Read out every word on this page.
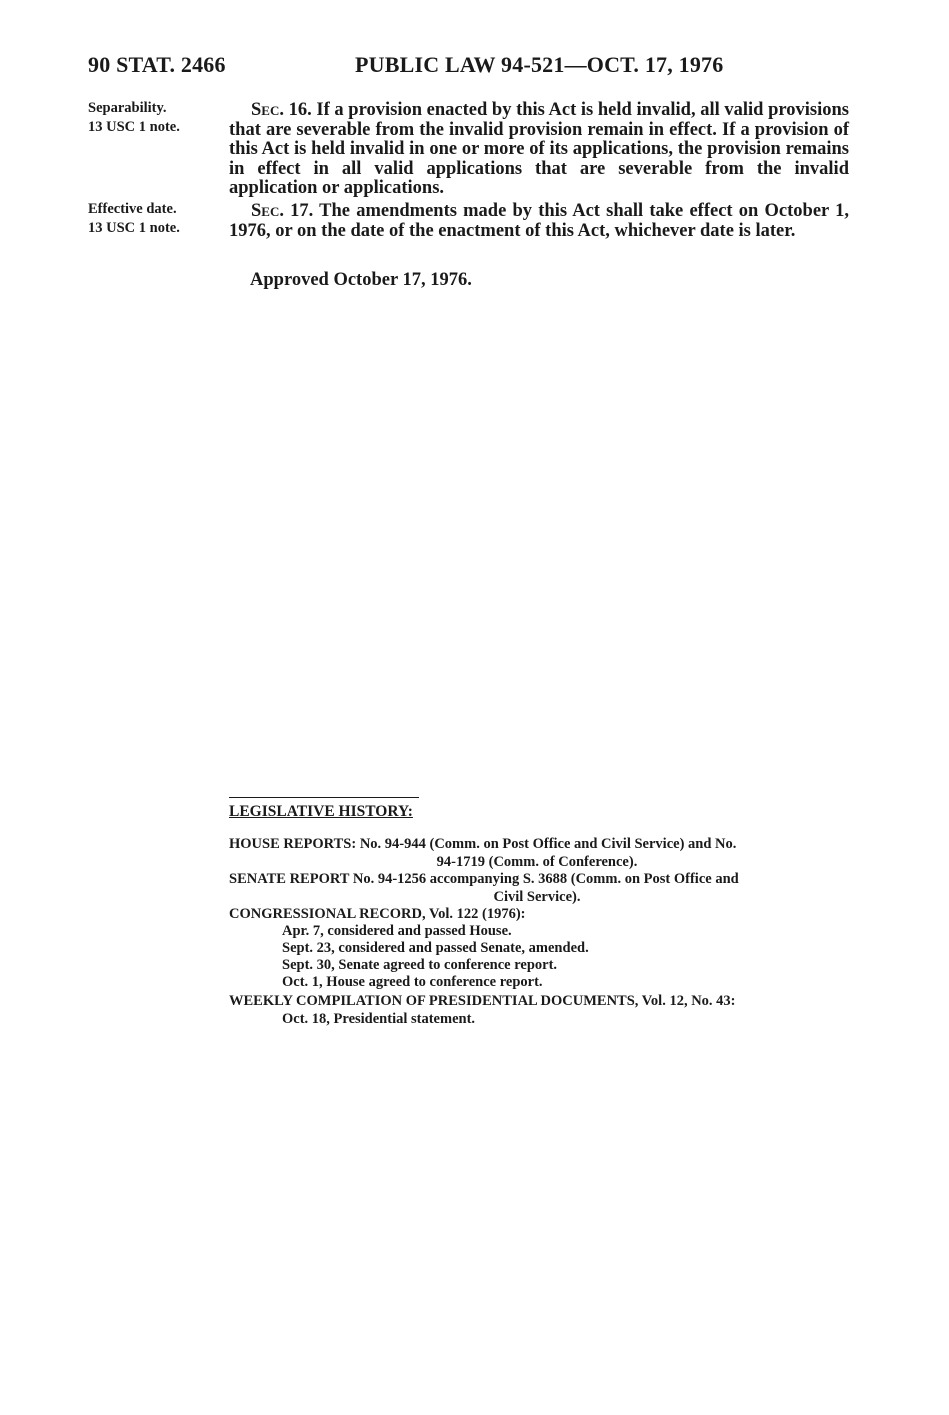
90 STAT. 2466	PUBLIC LAW 94-521—OCT. 17, 1976
Separability.
13 USC 1 note.
Effective date.
13 USC 1 note.

Sec. 16. If a provision enacted by this Act is held invalid, all valid provisions that are severable from the invalid provision remain in effect. If a provision of this Act is held invalid in one or more of its applications, the provision remains in effect in all valid applications that are severable from the invalid application or applications.

Sec. 17. The amendments made by this Act shall take effect on October 1, 1976, or on the date of the enactment of this Act, whichever date is later.

Approved October 17, 1976.
LEGISLATIVE HISTORY:
HOUSE REPORTS: No. 94-944 (Comm. on Post Office and Civil Service) and No.
94-1719 (Comm. of Conference).
SENATE REPORT No. 94-1256 accompanying S. 3688 (Comm. on Post Office and
Civil Service).
CONGRESSIONAL RECORD, Vol. 122 (1976):
Apr. 7, considered and passed House.
Sept. 23, considered and passed Senate, amended.
Sept. 30, Senate agreed to conference report.
Oct. 1, House agreed to conference report.
WEEKLY COMPILATION OF PRESIDENTIAL DOCUMENTS, Vol. 12, No. 43:
Oct. 18, Presidential statement.
